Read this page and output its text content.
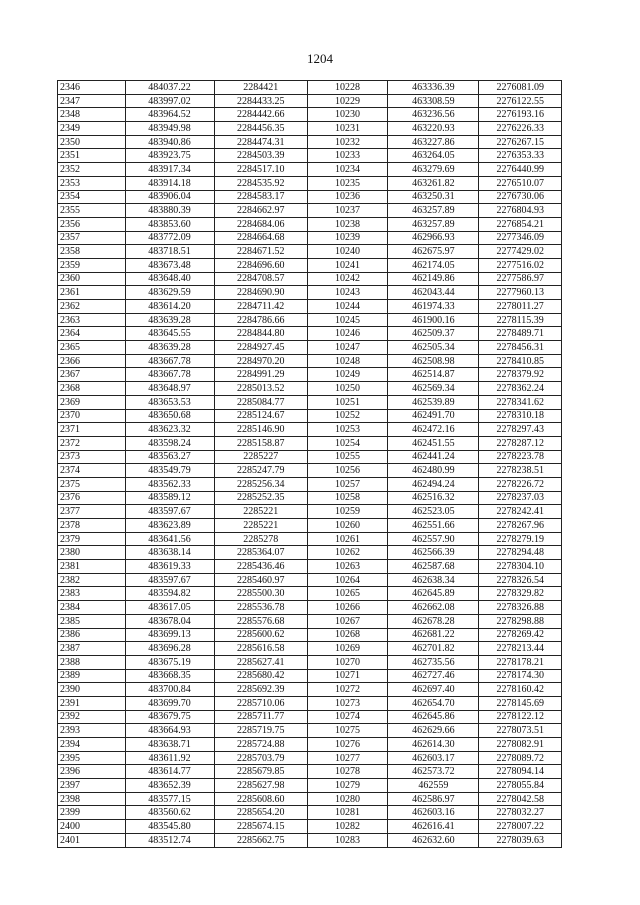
1204
2346	484037.22	2284421	10228	463336.39	2276081.09
2347	483997.02	2284433.25	10229	463308.59	2276122.55
2348	483964.52	2284442.66	10230	463236.56	2276193.16
2349	483949.98	2284456.35	10231	463220.93	2276226.33
2350	483940.86	2284474.31	10232	463227.86	2276267.15
2351	483923.75	2284503.39	10233	463264.05	2276353.33
2352	483917.34	2284517.10	10234	463279.69	2276440.99
2353	483914.18	2284535.92	10235	463261.82	2276510.07
2354	483906.04	2284583.17	10236	463250.31	2276730.06
2355	483880.39	2284662.97	10237	463257.89	2276804.93
2356	483853.60	2284684.06	10238	463257.89	2276854.21
2357	483772.09	2284664.68	10239	462966.93	2277346.09
2358	483718.51	2284671.52	10240	462675.97	2277429.02
2359	483673.48	2284696.60	10241	462174.05	2277516.02
2360	483648.40	2284708.57	10242	462149.86	2277586.97
2361	483629.59	2284690.90	10243	462043.44	2277960.13
2362	483614.20	2284711.42	10244	461974.33	2278011.27
2363	483639.28	2284786.66	10245	461900.16	2278115.39
2364	483645.55	2284844.80	10246	462509.37	2278489.71
2365	483639.28	2284927.45	10247	462505.34	2278456.31
2366	483667.78	2284970.20	10248	462508.98	2278410.85
2367	483667.78	2284991.29	10249	462514.87	2278379.92
2368	483648.97	2285013.52	10250	462569.34	2278362.24
2369	483653.53	2285084.77	10251	462539.89	2278341.62
2370	483650.68	2285124.67	10252	462491.70	2278310.18
2371	483623.32	2285146.90	10253	462472.16	2278297.43
2372	483598.24	2285158.87	10254	462451.55	2278287.12
2373	483563.27	2285227	10255	462441.24	2278223.78
2374	483549.79	2285247.79	10256	462480.99	2278238.51
2375	483562.33	2285256.34	10257	462494.24	2278226.72
2376	483589.12	2285252.35	10258	462516.32	2278237.03
2377	483597.67	2285221	10259	462523.05	2278242.41
2378	483623.89	2285221	10260	462551.66	2278267.96
2379	483641.56	2285278	10261	462557.90	2278279.19
2380	483638.14	2285364.07	10262	462566.39	2278294.48
2381	483619.33	2285436.46	10263	462587.68	2278304.10
2382	483597.67	2285460.97	10264	462638.34	2278326.54
2383	483594.82	2285500.30	10265	462645.89	2278329.82
2384	483617.05	2285536.78	10266	462662.08	2278326.88
2385	483678.04	2285576.68	10267	462678.28	2278298.88
2386	483699.13	2285600.62	10268	462681.22	2278269.42
2387	483696.28	2285616.58	10269	462701.82	2278213.44
2388	483675.19	2285627.41	10270	462735.56	2278178.21
2389	483668.35	2285680.42	10271	462727.46	2278174.30
2390	483700.84	2285692.39	10272	462697.40	2278160.42
2391	483699.70	2285710.06	10273	462654.70	2278145.69
2392	483679.75	2285711.77	10274	462645.86	2278122.12
2393	483664.93	2285719.75	10275	462629.66	2278073.51
2394	483638.71	2285724.88	10276	462614.30	2278082.91
2395	483611.92	2285703.79	10277	462603.17	2278089.72
2396	483614.77	2285679.85	10278	462573.72	2278094.14
2397	483652.39	2285627.98	10279	462559	2278055.84
2398	483577.15	2285608.60	10280	462586.97	2278042.58
2399	483560.62	2285654.20	10281	462603.16	2278032.27
2400	483545.80	2285674.15	10282	462616.41	2278007.22
2401	483512.74	2285662.75	10283	462632.60	2278039.63
